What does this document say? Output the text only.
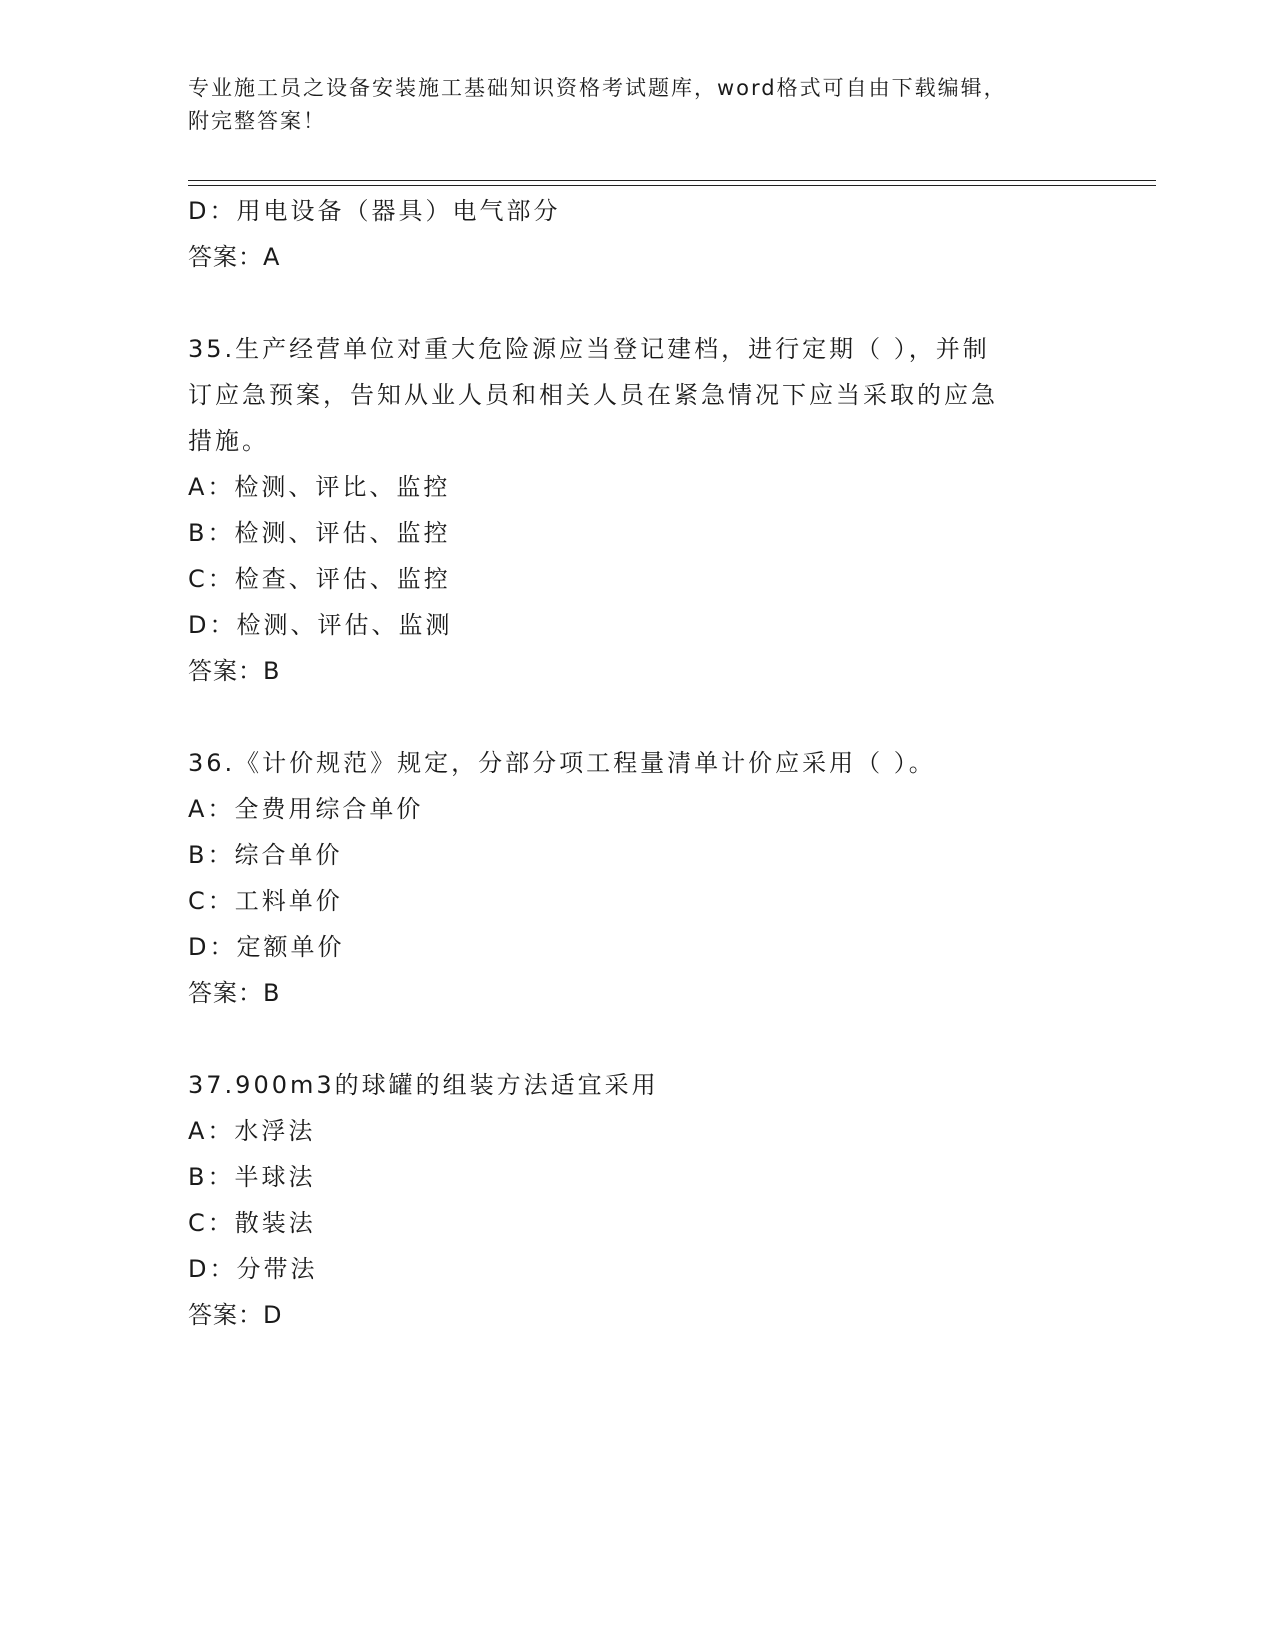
专业施工员之设备安装施工基础知识资格考试题库，word格式可自由下载编辑，
附完整答案！
D：用电设备（器具）电气部分
答案：A
35.生产经营单位对重大危险源应当登记建档，进行定期（ ），并制
订应急预案，告知从业人员和相关人员在紧急情况下应当采取的应急
措施。
A：检测、评比、监控
B：检测、评估、监控
C：检查、评估、监控
D：检测、评估、监测
答案：B
36.《计价规范》规定，分部分项工程量清单计价应采用（ ）。
A：全费用综合单价
B：综合单价
C：工料单价
D：定额单价
答案：B
37.900m3的球罐的组装方法适宜采用
A：水浮法
B：半球法
C：散装法
D：分带法
答案：D
